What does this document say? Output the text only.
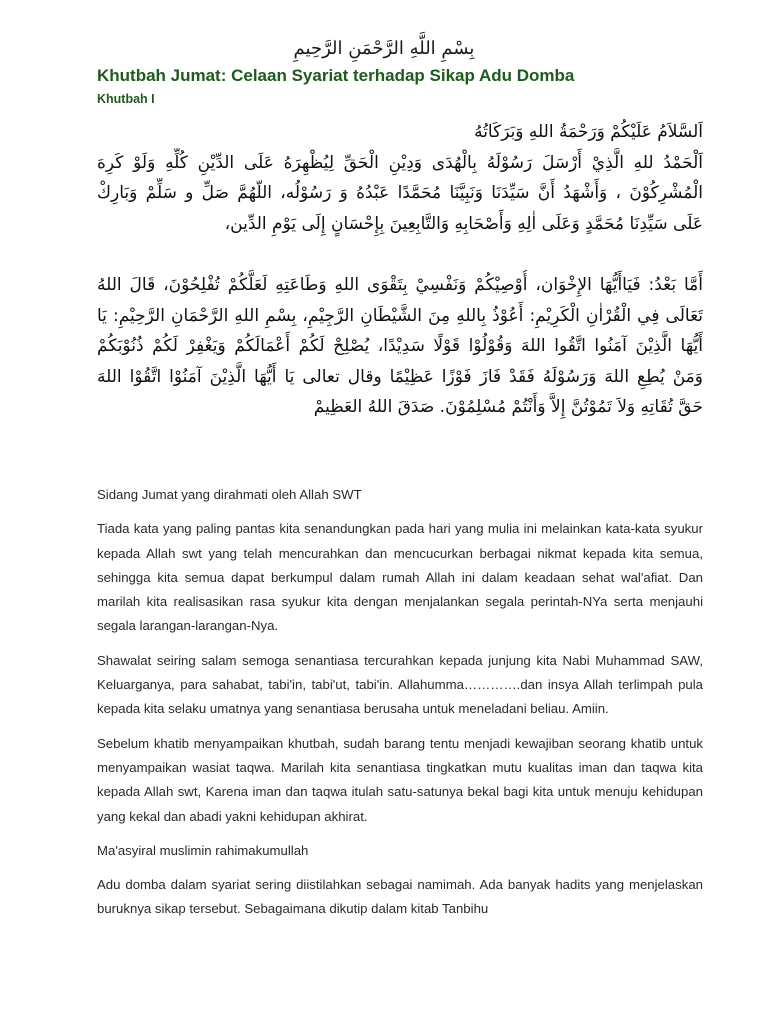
بِسْمِ اللَّهِ الرَّحْمَنِ الرَّحِيمِ
Khutbah Jumat: Celaan Syariat terhadap Sikap Adu Domba
Khutbah I
اَلسَّلاَمُ عَلَيْكُمْ وَرَحْمَةُ اللهِ وَبَرَكَاتُهُ
اَلْحَمْدُ للهِ الَّذِيْ أَرْسَلَ رَسُوْلَهُ بِالْهُدَى وَدِيْنِ الْحَقِّ لِيُظْهِرَهُ عَلَى الدِّيْنِ كُلِّهِ وَلَوْ كَرِهَ
الْمُشْرِكُوْنَ ، وَأَشْهَدُ أَنَّ سَيِّدَنَا وَنَبِيَّنَا مُحَمَّدًا عَبْدُهُ وَ رَسُوْلُه، اللّهُمَّ صَلِّ و سَلِّمْ وَبَارِكْ
عَلَى سَيِّدِنَا مُحَمَّدٍ وَعَلَى اٰلِهِ وَأَصْحَابِهِ وَالتَّابِعِينَ بِإِحْسَانٍ إِلَى يَوْمِ الدِّين،
أَمَّا بَعْدُ: فَيَاأَيُّهَا الإِخْوَان، أُوْصِيْكُمْ وَنَفْسِيْ بِتَقْوَى اللهِ وَطَاعَتِهِ لَعَلَّكُمْ تُفْلِحُوْنَ، قَالَ اللهُ
تَعَالَى فِي الْقُرْاٰنِ الْكَرِيْمِ: أَعُوْذُ بِاللهِ مِنَ الشَّيْطَانِ الرَّجِيْمِ، بِسْمِ اللهِ الرَّحْمَانِ الرَّحِيْمِ: يَا
أَيُّهَا الَّذِيْنَ آمَنُوا اتَّقُوا اللهَ وَقُوْلُوْا قَوْلًا سَدِيْدًا، يُصْلِحْ لَكُمْ أَعْمَالَكُمْ وَيَغْفِرْ لَكُمْ ذُنُوْبَكُمْ
وَمَنْ يُطِعِ اللهَ وَرَسُوْلَهُ فَقَدْ فَازَ فَوْزًا عَظِيْمًا وقال تعالى يَا أَيُّهَا الَّذِيْنَ آمَنُوْا اتَّقُوْا اللهَ
حَقَّ تُقَاتِهِ وَلاَ تَمُوْتُنَّ إِلاَّ وَأَنْتُمْ مُسْلِمُوْنَ. صَدَقَ اللهُ العَظِيمْ

Sidang Jumat yang dirahmati oleh Allah SWT

Tiada kata yang paling pantas kita senandungkan pada hari yang mulia ini melainkan kata-kata syukur kepada Allah swt yang telah mencurahkan dan mencucurkan berbagai nikmat kepada kita semua, sehingga kita semua dapat berkumpul dalam rumah Allah ini dalam keadaan sehat wal'afiat. Dan marilah kita realisasikan rasa syukur kita dengan menjalankan segala perintah-NYa serta menjauhi segala larangan-larangan-Nya.

Shawalat seiring salam semoga senantiasa tercurahkan kepada junjung kita Nabi Muhammad SAW, Keluarganya, para sahabat, tabi'in, tabi'ut, tabi'in. Allahumma………….dan insya Allah terlimpah pula kepada kita selaku umatnya yang senantiasa berusaha untuk meneladani beliau. Amiin.

Sebelum khatib menyampaikan khutbah, sudah barang tentu menjadi kewajiban seorang khatib untuk menyampaikan wasiat taqwa. Marilah kita senantiasa tingkatkan mutu kualitas iman dan taqwa kita kepada Allah swt, Karena iman dan taqwa itulah satu-satunya bekal bagi kita untuk menuju kehidupan yang kekal dan abadi yakni kehidupan akhirat.

Ma'asyiral muslimin rahimakumullah

Adu domba dalam syariat sering diistilahkan sebagai namimah. Ada banyak hadits yang menjelaskan buruknya sikap tersebut. Sebagaimana dikutip dalam kitab Tanbihu
